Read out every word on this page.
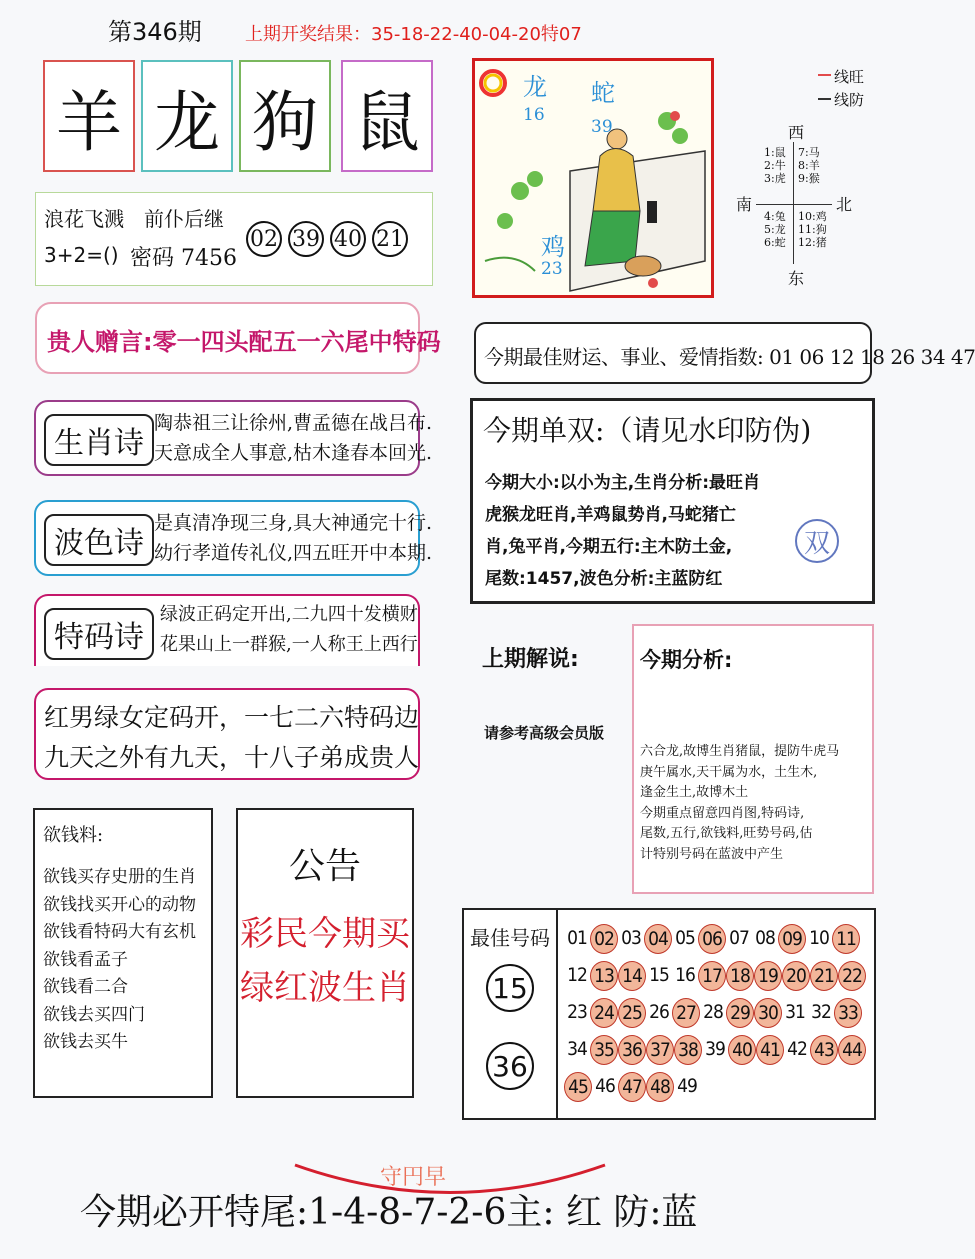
第346期 上期开奖结果：35-18-22-40-04-20特07
羊 龙 狗 鼠
浪花飞溅　前仆后继
3+2=() 密码 7456
02 39 40 21
贵人赠言:零一四头配五一六尾中特码
生肖诗
陶恭祖三让徐州,曹孟德在战吕布.
天意成全人事意,枯木逢春本回光.
波色诗
是真清净现三身,具大神通完十行.
幼行孝道传礼仪,四五旺开中本期.
特码诗
绿波正码定开出,二九四十发横财
花果山上一群猴,一人称王上西行
红男绿女定码开，一七二六特码边
九天之外有九天，十八子弟成贵人
欲钱料:
欲钱买存史册的生肖
欲钱找买开心的动物
欲钱看特码大有玄机
欲钱看孟子
欲钱看二合
欲钱去买四门
欲钱去买牛
公告
彩民今期买
绿红波生肖
龙
16
蛇
39
鸡
23
线旺
线防
西
南	北
东
1:鼠
2:牛
3:虎
7:马
8:羊
9:猴
4:兔
5:龙
6:蛇
10:鸡
11:狗
12:猪
今期最佳财运、事业、爱情指数: 01 06 12 18 26 34 47
今期单双:（请见水印防伪)
今期大小:以小为主,生肖分析:最旺肖
虎猴龙旺肖,羊鸡鼠势肖,马蛇猪亡
肖,兔平肖,今期五行:主木防土金,
尾数:1457,波色分析:主蓝防红
双
上期解说:
请参考高级会员版
今期分析:
六合龙,故博生肖猪鼠，提防牛虎马
庚午属水,天干属为水，土生木,
逢金生土,故博木土
今期重点留意四肖图,特码诗,
尾数,五行,欲钱料,旺势号码,估
计特别号码在蓝波中产生
最佳号码
15
36
01 02 03 04 05 06 07 08 09 10 11
12 13 14 15 16 17 18 19 20 21 22
23 24 25 26 27 28 29 30 31 32 33
34 35 36 37 38 39 40 41 42 43 44
45 46 47 48 49
守円早
今期必开特尾:1-4-8-7-2-6主: 红 防:蓝
